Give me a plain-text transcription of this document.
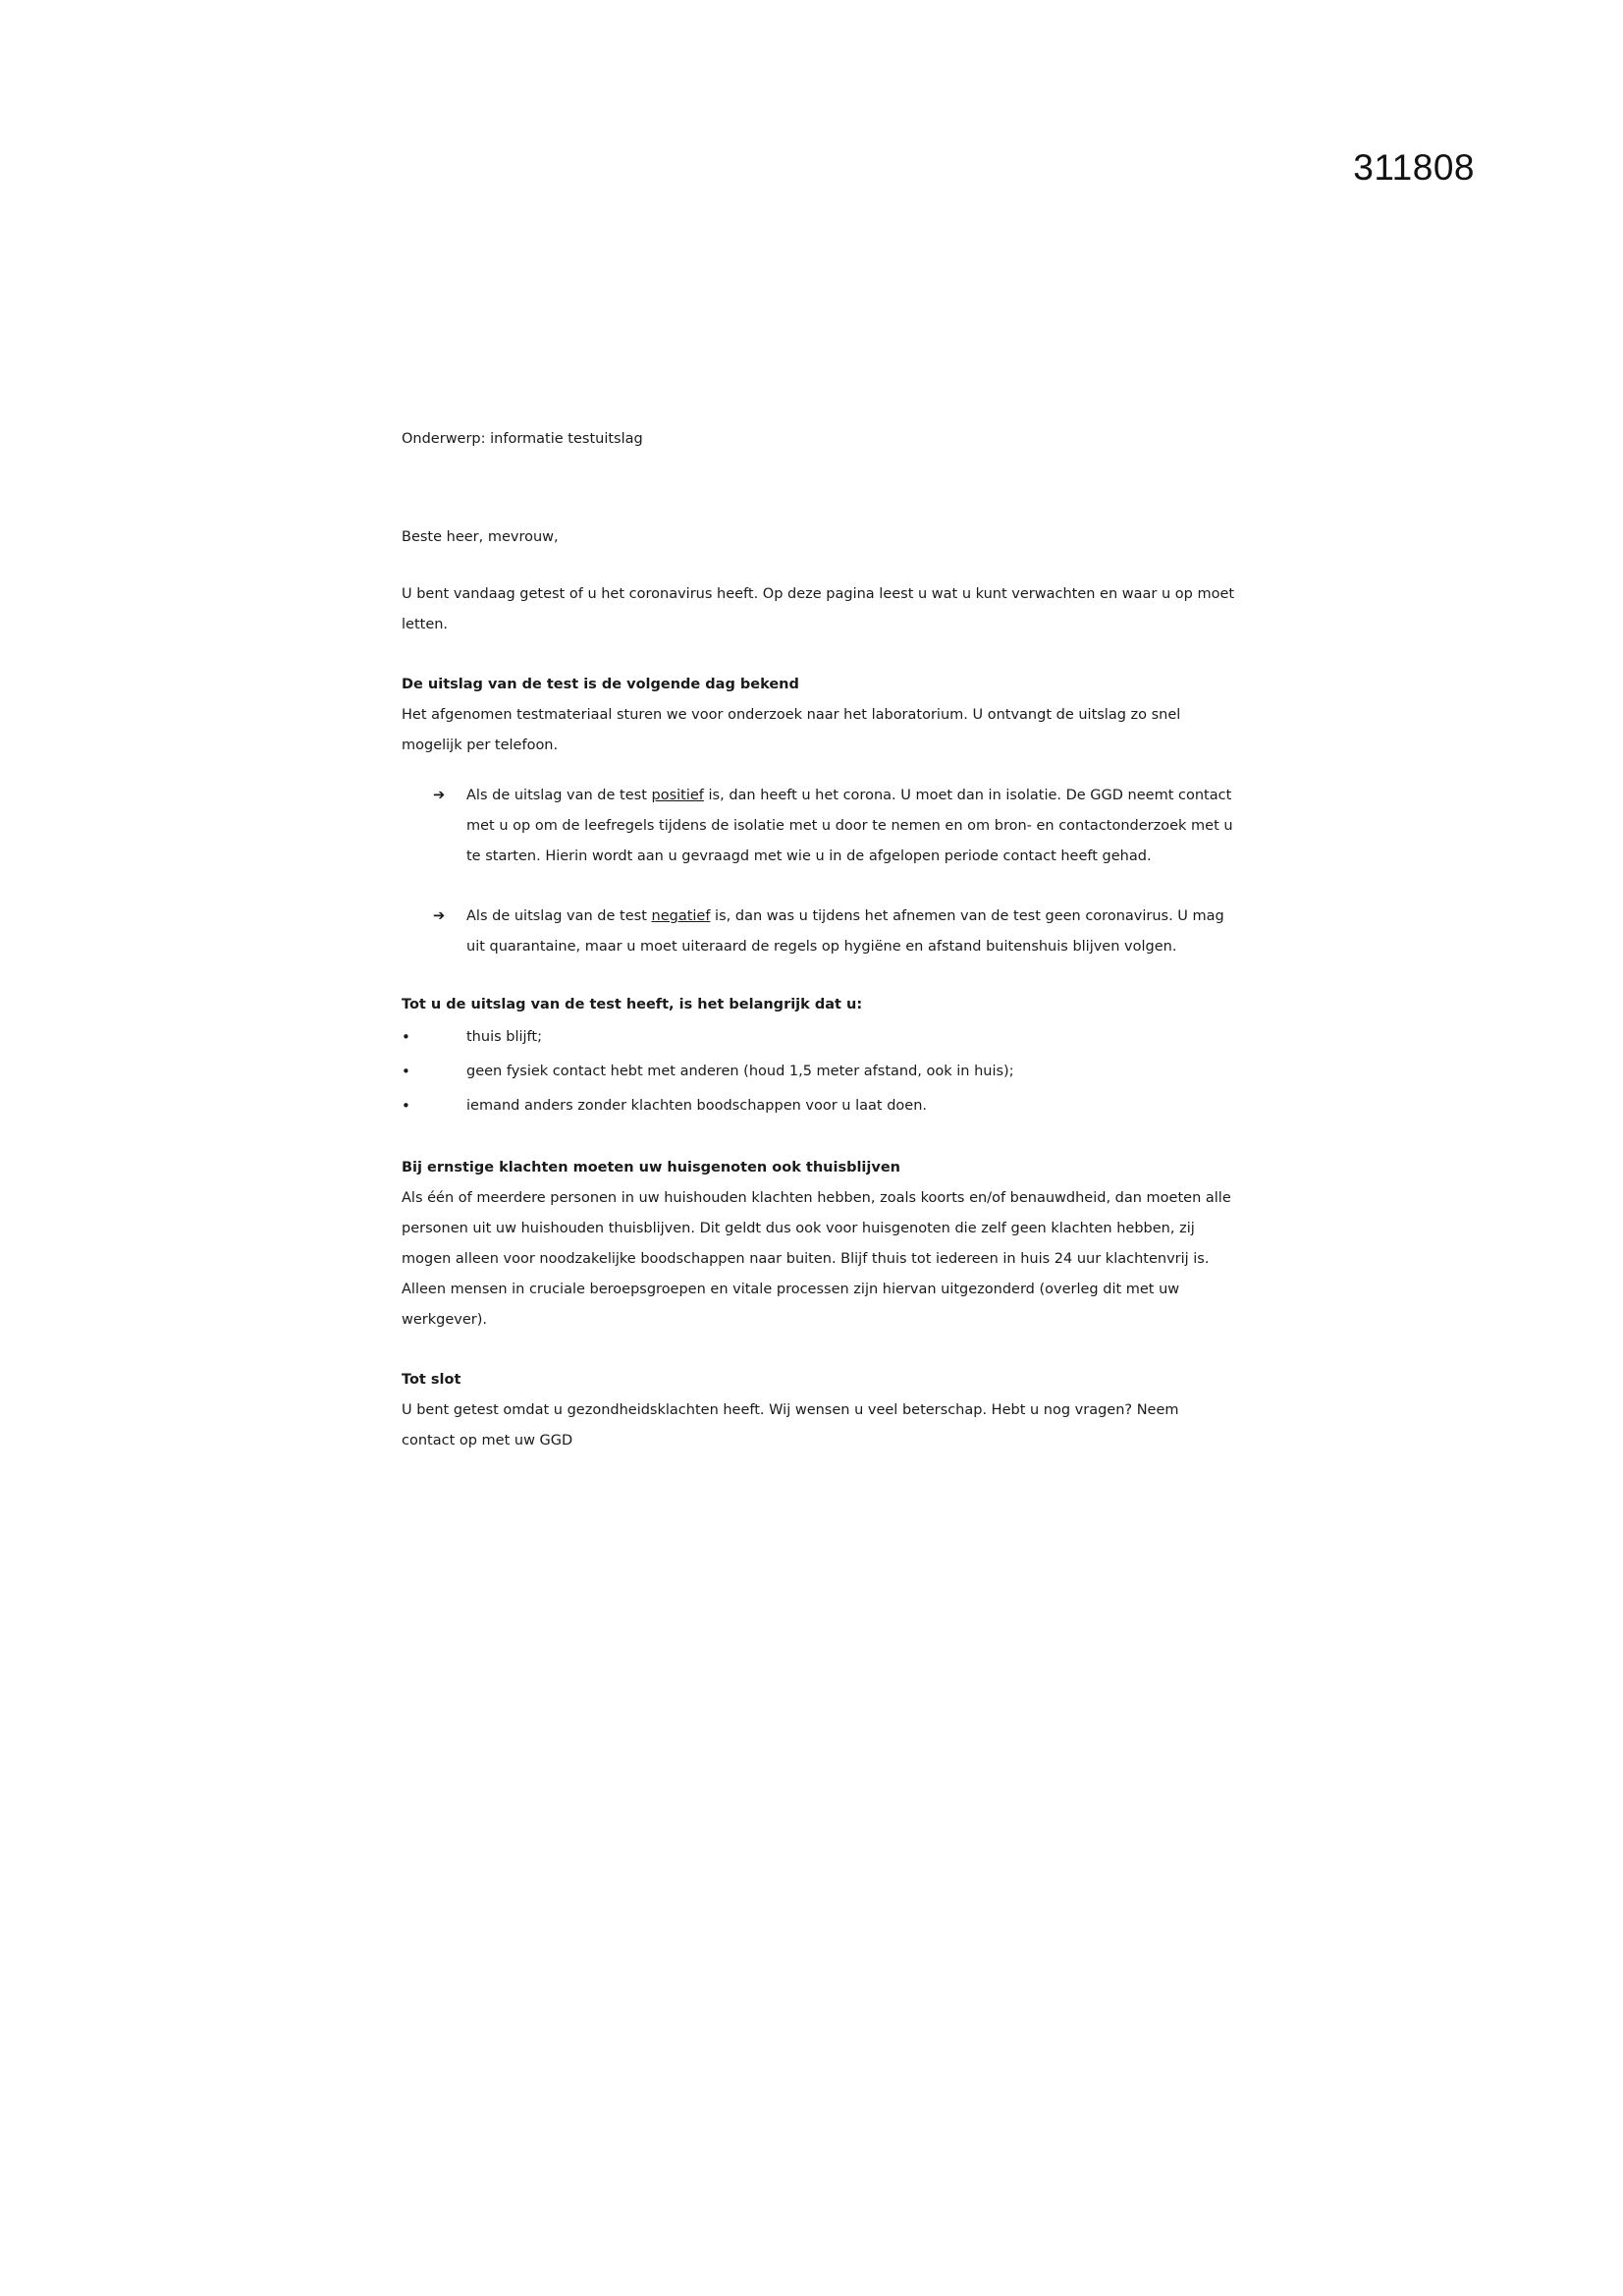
311808

Onderwerp: informatie testuitslag

Beste heer, mevrouw,

U bent vandaag getest of u het coronavirus heeft. Op deze pagina leest u wat u kunt verwachten en waar u op moet letten.

De uitslag van de test is de volgende dag bekend

Het afgenomen testmateriaal sturen we voor onderzoek naar het laboratorium. U ontvangt de uitslag zo snel mogelijk per telefoon.

➔ Als de uitslag van de test positief is, dan heeft u het corona. U moet dan in isolatie. De GGD neemt contact met u op om de leefregels tijdens de isolatie met u door te nemen en om bron- en contactonderzoek met u te starten. Hierin wordt aan u gevraagd met wie u in de afgelopen periode contact heeft gehad.
➔ Als de uitslag van de test negatief is, dan was u tijdens het afnemen van de test geen coronavirus. U mag uit quarantaine, maar u moet uiteraard de regels op hygiëne en afstand buitenshuis blijven volgen.

Tot u de uitslag van de test heeft, is het belangrijk dat u:

•	thuis blijft;
•	geen fysiek contact hebt met anderen (houd 1,5 meter afstand, ook in huis);
•	iemand anders zonder klachten boodschappen voor u laat doen.

Bij ernstige klachten moeten uw huisgenoten ook thuisblijven

Als één of meerdere personen in uw huishouden klachten hebben, zoals koorts en/of benauwdheid, dan moeten alle personen uit uw huishouden thuisblijven. Dit geldt dus ook voor huisgenoten die zelf geen klachten hebben, zij mogen alleen voor noodzakelijke boodschappen naar buiten. Blijf thuis tot iedereen in huis 24 uur klachtenvrij is. Alleen mensen in cruciale beroepsgroepen en vitale processen zijn hiervan uitgezonderd (overleg dit met uw werkgever).

Tot slot

U bent getest omdat u gezondheidsklachten heeft. Wij wensen u veel beterschap. Hebt u nog vragen? Neem contact op met uw GGD
